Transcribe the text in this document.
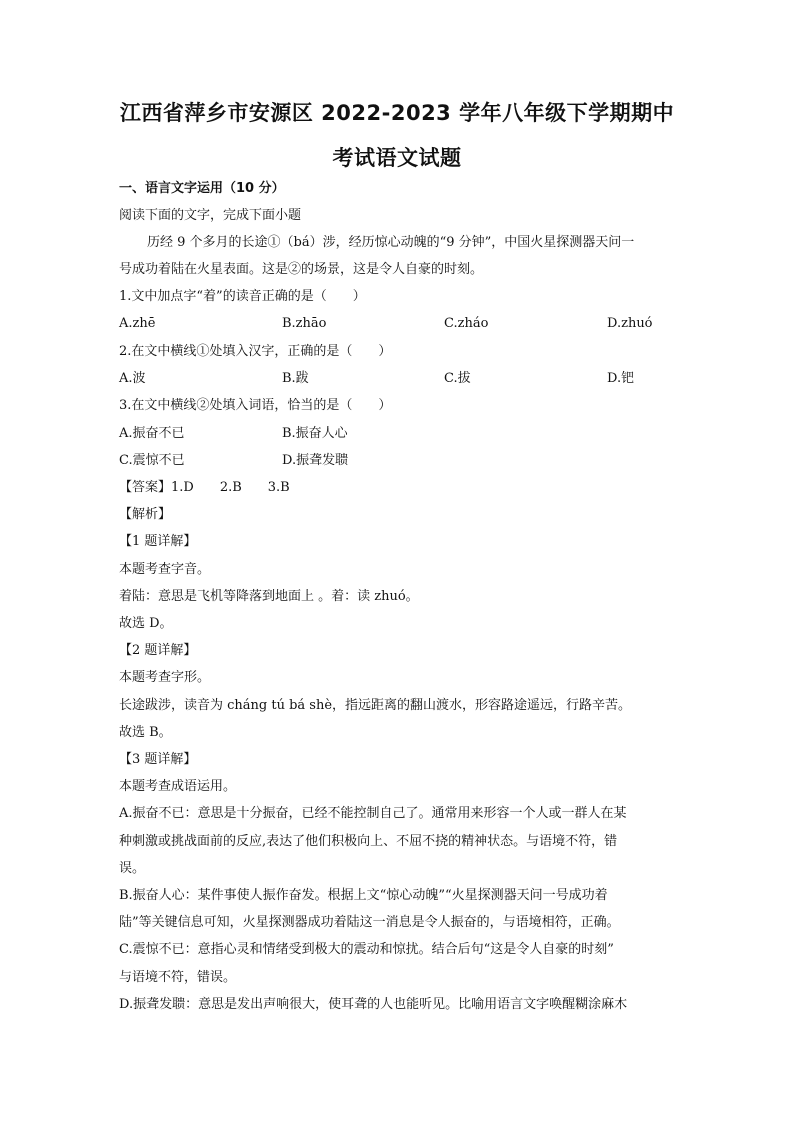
江西省萍乡市安源区 2022-2023 学年八年级下学期期中
考试语文试题
一、语言文字运用（10 分）
阅读下面的文字，完成下面小题
历经 9 个多月的长途①（bá）涉，经历惊心动魄的“9 分钟”，中国火星探测器天问一
号成功着陆在火星表面。这是②的场景，这是令人自豪的时刻。
1.文中加点字“着”的读音正确的是（　　）
A.zhē	B.zhāo	C.zháo	D.zhuó
2.在文中横线①处填入汉字，正确的是（　　）
A.波	B.跋	C.拔	D.钯
3.在文中横线②处填入词语，恰当的是（　　）
A.振奋不已	B.振奋人心
C.震惊不已	D.振聋发聩
【答案】1.D　　2.B　　3.B
【解析】
【1 题详解】
本题考查字音。
着陆：意思是飞机等降落到地面上 。着：读 zhuó。
故选 D。
【2 题详解】
本题考查字形。
长途跋涉，读音为 cháng tú bá shè，指远距离的翻山渡水，形容路途遥远，行路辛苦。
故选 B。
【3 题详解】
本题考查成语运用。
A.振奋不已：意思是十分振奋，已经不能控制自己了。通常用来形容一个人或一群人在某
种刺激或挑战面前的反应,表达了他们积极向上、不屈不挠的精神状态。与语境不符，错
误。
B.振奋人心：某件事使人振作奋发。根据上文“惊心动魄”“火星探测器天问一号成功着
陆”等关键信息可知，火星探测器成功着陆这一消息是令人振奋的，与语境相符，正确。
C.震惊不已：意指心灵和情绪受到极大的震动和惊扰。结合后句“这是令人自豪的时刻”
与语境不符，错误。
D.振聋发聩：意思是发出声响很大，使耳聋的人也能听见。比喻用语言文字唤醒糊涂麻木
